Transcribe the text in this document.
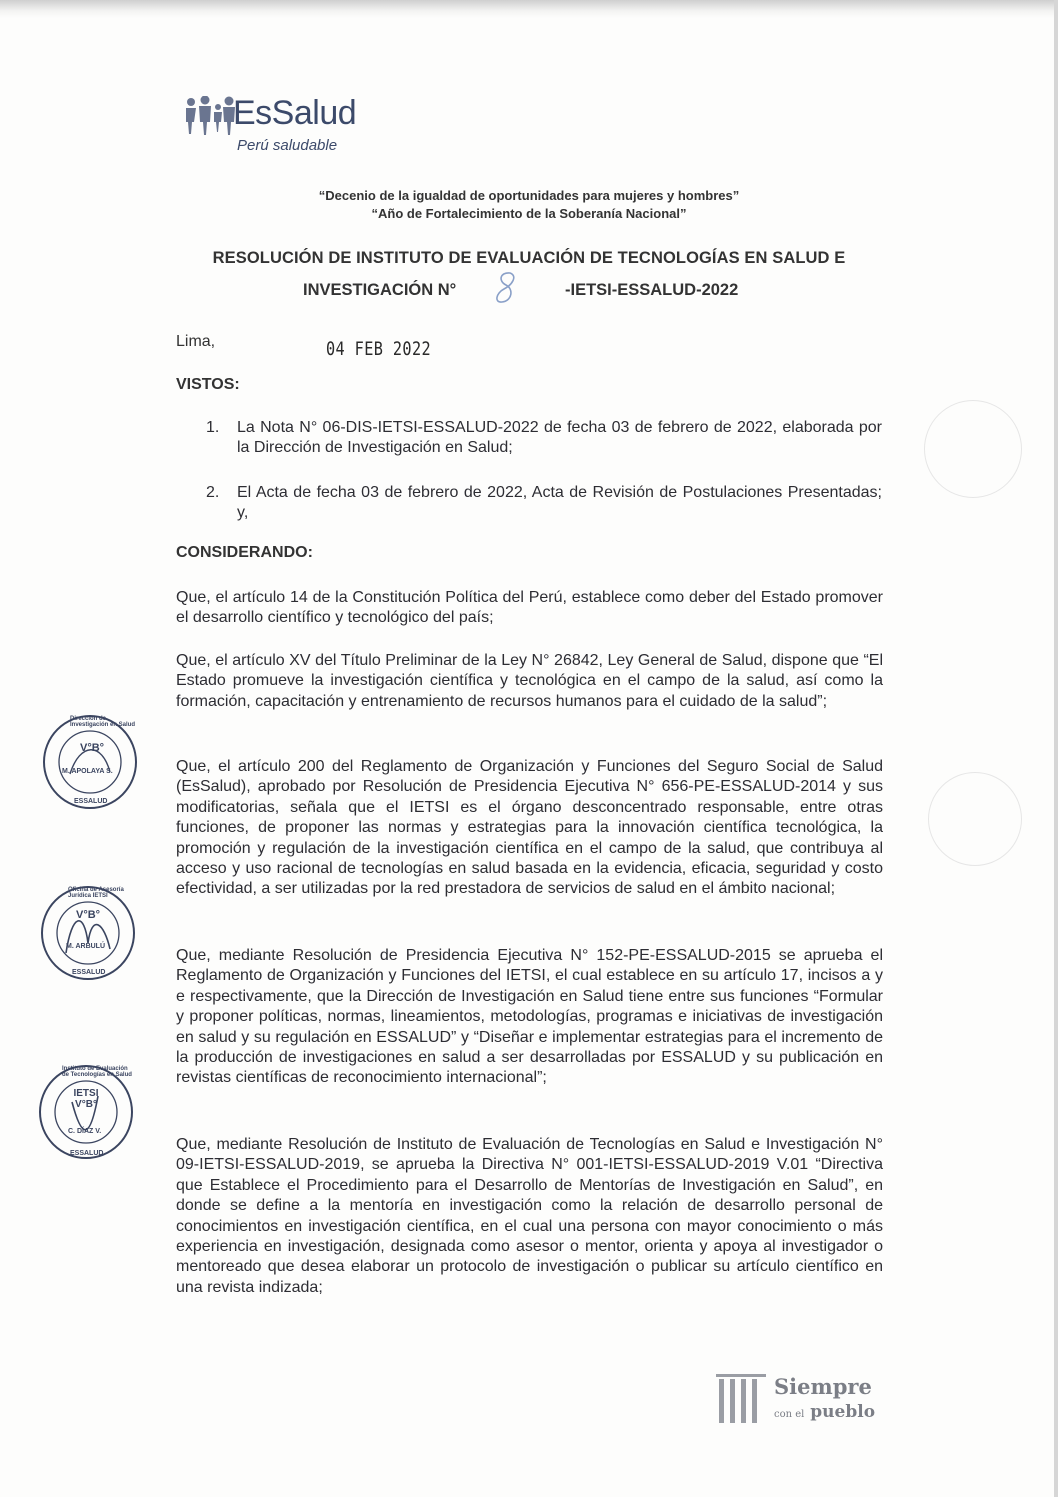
EsSalud
Perú saludable
“Decenio de la igualdad de oportunidades para mujeres y hombres”
“Año de Fortalecimiento de la Soberanía Nacional”
RESOLUCIÓN DE INSTITUTO DE EVALUACIÓN DE TECNOLOGÍAS EN SALUD E
INVESTIGACIÓN N°	-IETSI-ESSALUD-2022
Lima,	04 FEB 2022
VISTOS:
1. La Nota N° 06-DIS-IETSI-ESSALUD-2022 de fecha 03 de febrero de 2022, elaborada por la Dirección de Investigación en Salud;
2. El Acta de fecha 03 de febrero de 2022, Acta de Revisión de Postulaciones Presentadas; y,
CONSIDERANDO:
Que, el artículo 14 de la Constitución Política del Perú, establece como deber del Estado promover el desarrollo científico y tecnológico del país;
Que, el artículo XV del Título Preliminar de la Ley N° 26842, Ley General de Salud, dispone que “El Estado promueve la investigación científica y tecnológica en el campo de la salud, así como la formación, capacitación y entrenamiento de recursos humanos para el cuidado de la salud”;
Que, el artículo 200 del Reglamento de Organización y Funciones del Seguro Social de Salud (EsSalud), aprobado por Resolución de Presidencia Ejecutiva N° 656-PE-ESSALUD-2014 y sus modificatorias, señala que el IETSI es el órgano desconcentrado responsable, entre otras funciones, de proponer las normas y estrategias para la innovación científica tecnológica, la promoción y regulación de la investigación científica en el campo de la salud, que contribuya al acceso y uso racional de tecnologías en salud basada en la evidencia, eficacia, seguridad y costo efectividad, a ser utilizadas por la red prestadora de servicios de salud en el ámbito nacional;
Que, mediante Resolución de Presidencia Ejecutiva N° 152-PE-ESSALUD-2015 se aprueba el Reglamento de Organización y Funciones del IETSI, el cual establece en su artículo 17, incisos a y e respectivamente, que la Dirección de Investigación en Salud tiene entre sus funciones “Formular y proponer políticas, normas, lineamientos, metodologías, programas e iniciativas de investigación en salud y su regulación en ESSALUD” y “Diseñar e implementar estrategias para el incremento de la producción de investigaciones en salud a ser desarrolladas por ESSALUD y su publicación en revistas científicas de reconocimiento internacional”;
Que, mediante Resolución de Instituto de Evaluación de Tecnologías en Salud e Investigación N° 09-IETSI-ESSALUD-2019, se aprueba la Directiva N° 001-IETSI-ESSALUD-2019 V.01 “Directiva que Establece el Procedimiento para el Desarrollo de Mentorías de Investigación en Salud”, en donde se define a la mentoría en investigación como la relación de desarrollo personal de conocimientos en investigación científica, en el cual una persona con mayor conocimiento o más experiencia en investigación, designada como asesor o mentor, orienta y apoya al investigador o mentoreado que desea elaborar un protocolo de investigación o publicar su artículo científico en una revista indizada;
Dirección de Investigación en Salud
V°B°
M. APOLAYA S.
ESSALUD
Oficina de Asesoría Jurídica IETSI
V°B°
M. ARBULÚ
ESSALUD
Instituto de Evaluación de Tecnologías en Salud
IETSI V°B°
C. DÍAZ V.
ESSALUD
Siempre
con el pueblo
